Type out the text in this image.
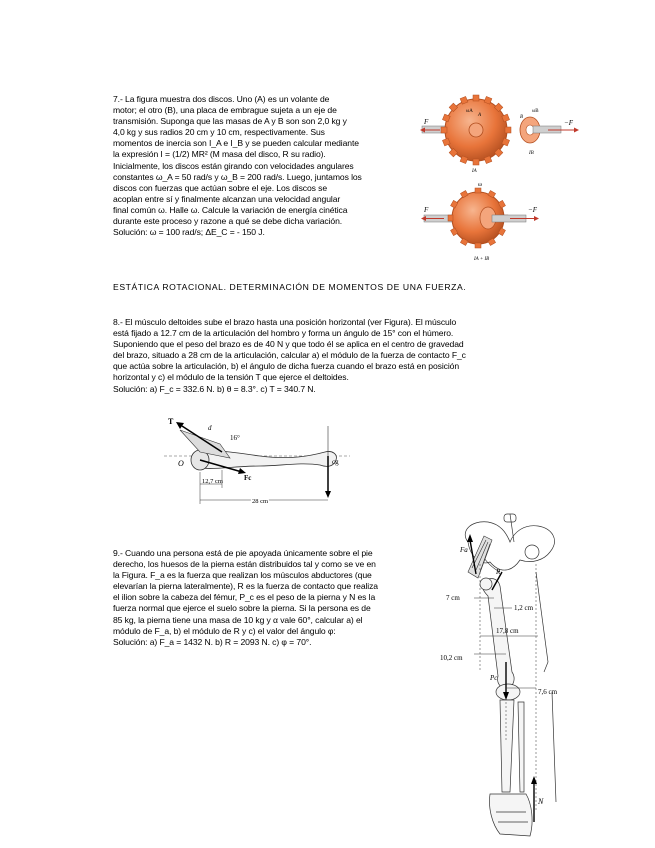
7.- La figura muestra dos discos. Uno (A) es un volante de
motor; el otro (B), una placa de embrague sujeta a un eje de
transmisión. Suponga que las masas de A y B son son 2,0 kg y
4,0 kg y sus radios 20 cm y 10 cm, respectivamente. Sus
momentos de inercia son I_A e I_B y se pueden calcular mediante
la expresión I = (1/2) MR² (M masa del disco, R su radio).
Inicialmente, los discos están girando con velocidades angulares
constantes ω_A = 50 rad/s y ω_B = 200 rad/s. Luego, juntamos los
discos con fuerzas que actúan sobre el eje. Los discos se
acoplan entre sí y finalmente alcanzan una velocidad angular
final común ω. Halle ω. Calcule la variación de energía cinética
durante este proceso y razone a qué se debe dicha variación.
Solución: ω = 100 rad/s; ΔE_C = - 150 J.
F
ωA
A
IA
−F
ωB
B
IB
F	−F
ω
IA + IB
ESTÁTICA ROTACIONAL. DETERMINACIÓN DE MOMENTOS DE UNA FUERZA.
8.- El músculo deltoides sube el brazo hasta una posición horizontal (ver Figura). El músculo
está fijado a 12.7 cm de la articulación del hombro y forma un ángulo de 15° con el húmero.
Suponiendo que el peso del brazo es de 40 N y que todo él se aplica en el centro de gravedad
del brazo, situado a 28 cm de la articulación, calcular a) el módulo de la fuerza de contacto F_c
que actúa sobre la articulación, b) el ángulo de dicha fuerza cuando el brazo está en posición
horizontal y c) el módulo de la tensión T que ejerce el deltoides.
Solución: a) F_c = 332.6 N. b) θ = 8.3°. c) T = 340.7 N.
T
d
16°
O
Fc
cg
12,7 cm
28 cm
9.- Cuando una persona está de pie apoyada únicamente sobre el pie
derecho, los huesos de la pierna están distribuidos tal y como se ve en
la Figura. F_a es la fuerza que realizan los músculos abductores (que
elevarían la pierna lateralmente), R es la fuerza de contacto que realiza
el ilion sobre la cabeza del fémur, P_c es el peso de la pierna y N es la
fuerza normal que ejerce el suelo sobre la pierna. Si la persona es de
85 kg, la pierna tiene una masa de 10 kg y α vale 60°, calcular a) el
módulo de F_a, b) el módulo de R y c) el valor del ángulo φ:
Solución: a) F_a = 1432 N. b) R = 2093 N. c) φ = 70°.
7 cm
1,2 cm
17,8 cm
10,2 cm
7,6 cm
Pc
N
R
Fa
